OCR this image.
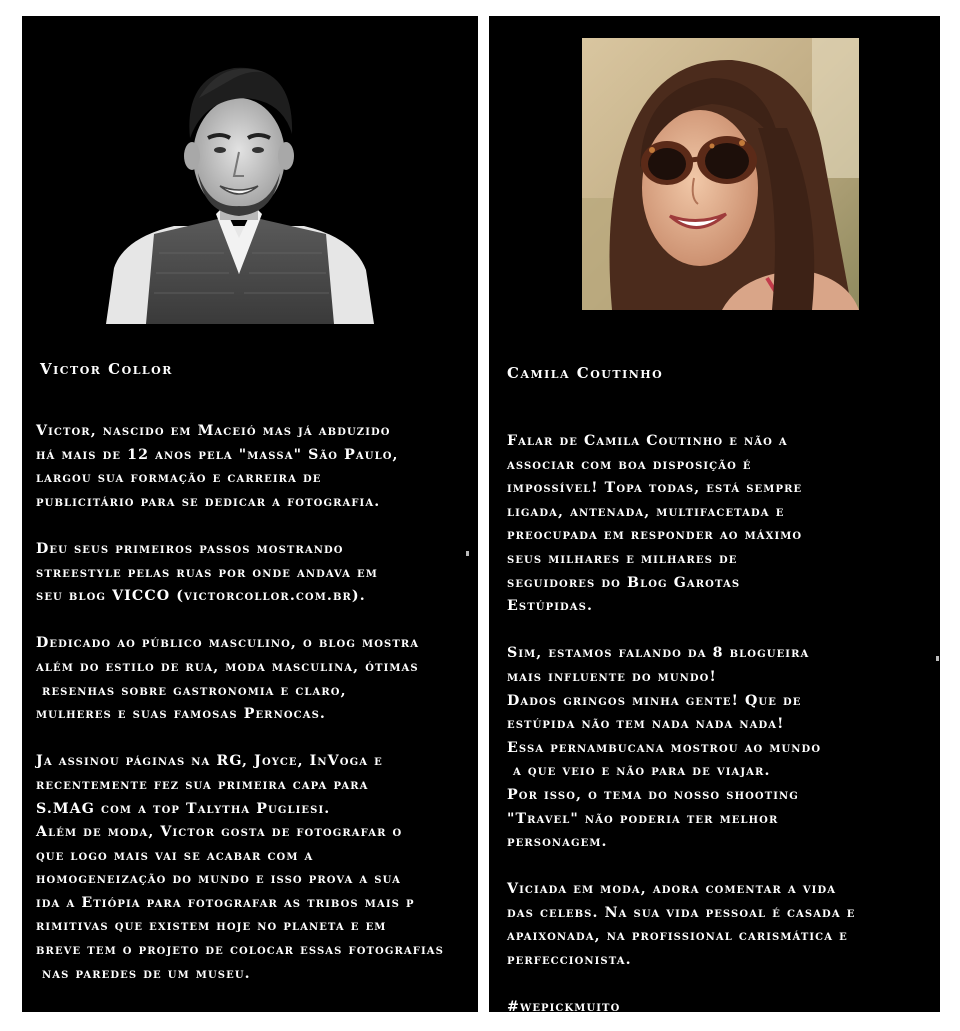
Victor Collor
Victor, nascido em Maceió mas já abduzido
há mais de 12 anos pela "massa" São Paulo,
largou sua formação e carreira de
publicitário para se dedicar a fotografia.

Deu seus primeiros passos mostrando
streestyle pelas ruas por onde andava em
seu blog VICCO (victorcollor.com.br).

Dedicado ao público masculino, o blog mostra
além do estilo de rua, moda masculina, ótimas
resenhas sobre gastronomia e claro,
mulheres e suas famosas Pernocas.

Ja assinou páginas na RG, Joyce, InVoga e
recentemente fez sua primeira capa para
S.MAG com a top Talytha Pugliesi.
Além de moda, Victor gosta de fotografar o
que logo mais vai se acabar com a
homogeneização do mundo e isso prova a sua
ida a Etiópia para fotografar as tribos mais p
rimitivas que existem hoje no planeta e em
breve tem o projeto de colocar essas fotografias
nas paredes de um museu.
Camila Coutinho
Falar de Camila Coutinho e não a
associar com boa disposição é
impossível! Topa todas, está sempre
ligada, antenada, multifacetada e
preocupada em responder ao máximo
seus milhares e milhares de
seguidores do Blog Garotas
Estúpidas.

Sim, estamos falando da 8 blogueira
mais influente do mundo!
Dados gringos minha gente! Que de
estúpida não tem nada nada nada!
Essa pernambucana mostrou ao mundo
a que veio e não para de viajar.
Por isso, o tema do nosso shooting
"Travel" não poderia ter melhor
personagem.

Viciada em moda, adora comentar a vida
das celebs. Na sua vida pessoal é casada e
apaixonada, na profissional carismática e
perfeccionista.

#wepickmuito
